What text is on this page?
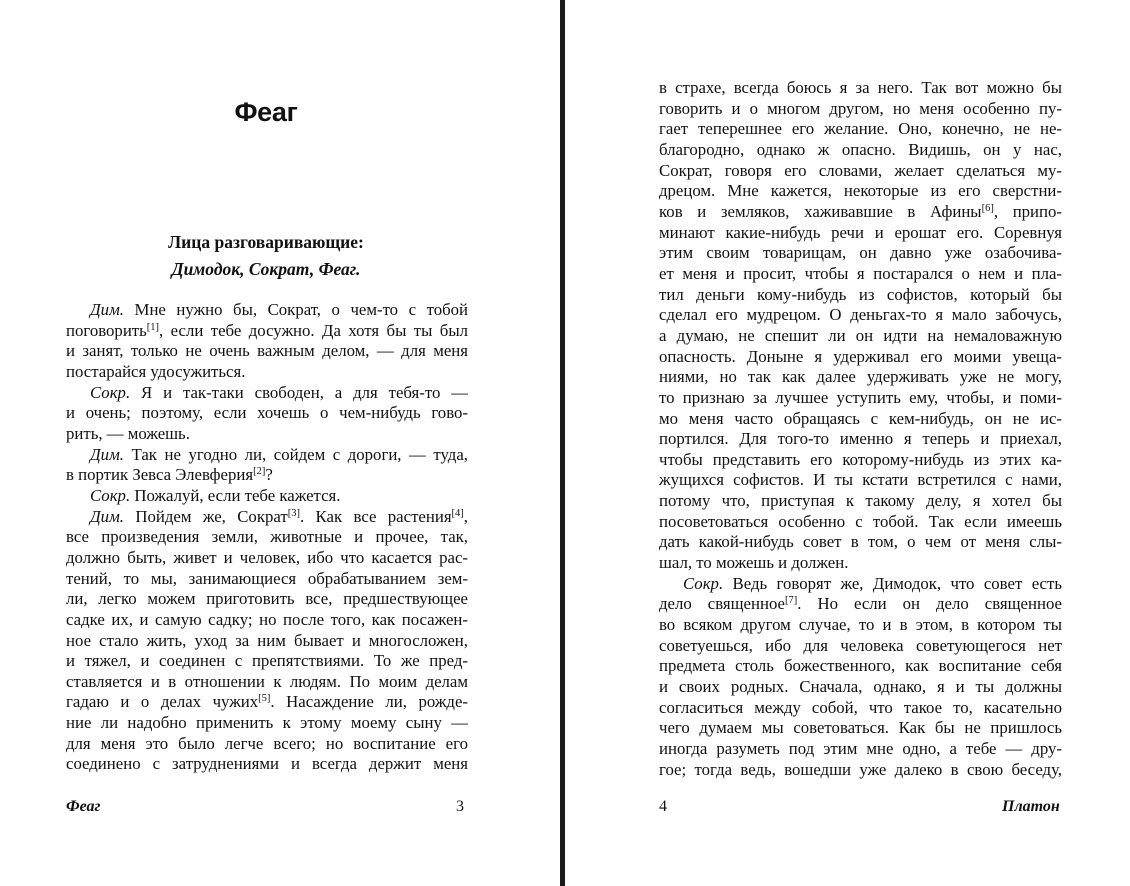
Феаг
Лица разговаривающие:
Димодок, Сократ, Феаг.
Дим. Мне нужно бы, Сократ, о чем-то с тобой
поговорить[1], если тебе досужно. Да хотя бы ты был
и занят, только не очень важным делом, — для меня
постарайся удосужиться.
Сокр. Я и так-таки свободен, а для тебя-то —
и очень; поэтому, если хочешь о чем-нибудь гово-
рить, — можешь.
Дим. Так не угодно ли, сойдем с дороги, — туда,
в портик Зевса Элевферия[2]?
Сокр. Пожалуй, если тебе кажется.
Дим. Пойдем же, Сократ[3]. Как все растения[4],
все произведения земли, животные и прочее, так,
должно быть, живет и человек, ибо что касается рас-
тений, то мы, занимающиеся обрабатыванием зем-
ли, легко можем приготовить все, предшествующее
садке их, и самую садку; но после того, как посажен-
ное стало жить, уход за ним бывает и многосложен,
и тяжел, и соединен с препятствиями. То же пред-
ставляется и в отношении к людям. По моим делам
гадаю и о делах чужих[5]. Насаждение ли, рожде-
ние ли надобно применить к этому моему сыну —
для меня это было легче всего; но воспитание его
соединено с затруднениями и всегда держит меня
Феаг	3
в страхе, всегда боюсь я за него. Так вот можно бы
говорить и о многом другом, но меня особенно пу-
гает теперешнее его желание. Оно, конечно, не не-
благородно, однако ж опасно. Видишь, он у нас,
Сократ, говоря его словами, желает сделаться му-
дрецом. Мне кажется, некоторые из его сверстни-
ков и земляков, хаживавшие в Афины[6], припо-
минают какие-нибудь речи и ерошат его. Соревнуя
этим своим товарищам, он давно уже озабочива-
ет меня и просит, чтобы я постарался о нем и пла-
тил деньги кому-нибудь из софистов, который бы
сделал его мудрецом. О деньгах-то я мало забочусь,
а думаю, не спешит ли он идти на немаловажную
опасность. Доныне я удерживал его моими увеща-
ниями, но так как далее удерживать уже не могу,
то признаю за лучшее уступить ему, чтобы, и поми-
мо меня часто обращаясь с кем-нибудь, он не ис-
портился. Для того-то именно я теперь и приехал,
чтобы представить его которому-нибудь из этих ка-
жущихся софистов. И ты кстати встретился с нами,
потому что, приступая к такому делу, я хотел бы
посоветоваться особенно с тобой. Так если имеешь
дать какой-нибудь совет в том, о чем от меня слы-
шал, то можешь и должен.
Сокр. Ведь говорят же, Димодок, что совет есть
дело священное[7]. Но если он дело священное
во всяком другом случае, то и в этом, в котором ты
советуешься, ибо для человека советующегося нет
предмета столь божественного, как воспитание себя
и своих родных. Сначала, однако, я и ты должны
согласиться между собой, что такое то, касательно
чего думаем мы советоваться. Как бы не пришлось
иногда разуметь под этим мне одно, а тебе — дру-
гое; тогда ведь, вошедши уже далеко в свою беседу,
4	Платон
